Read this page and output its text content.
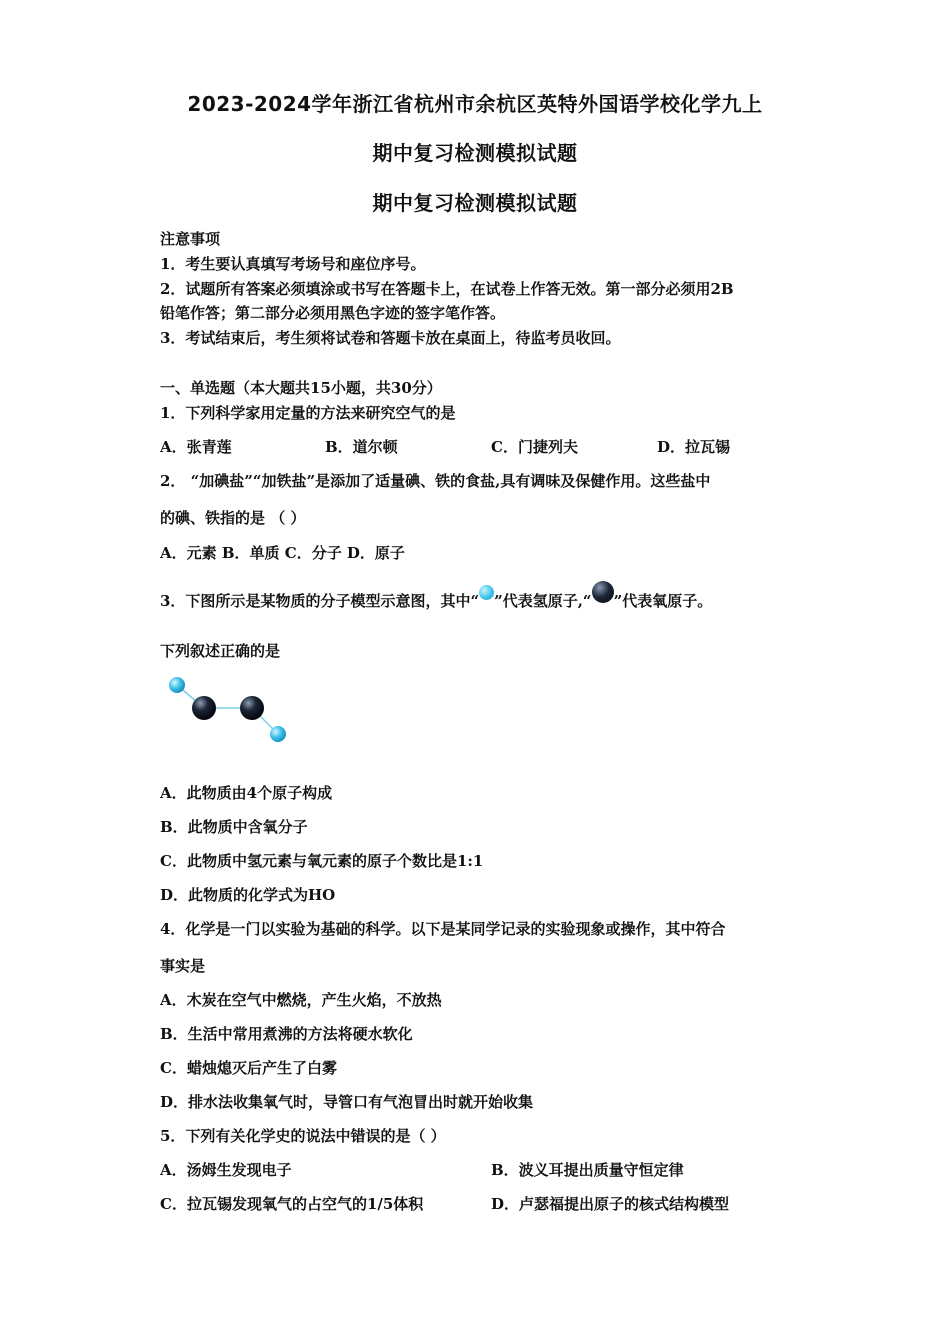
2023-2024学年浙江省杭州市余杭区英特外国语学校化学九上
期中复习检测模拟试题
期中复习检测模拟试题
注意事项
1．考生要认真填写考场号和座位序号。
2．试题所有答案必须填涂或书写在答题卡上，在试卷上作答无效。第一部分必须用2B
铅笔作答；第二部分必须用黑色字迹的签字笔作答。
3．考试结束后，考生须将试卷和答题卡放在桌面上，待监考员收回。
一、单选题（本大题共15小题，共30分）
1．下列科学家用定量的方法来研究空气的是
A．张青莲	B．道尔顿	C．门捷列夫	D．拉瓦锡
2． “加碘盐”“加铁盐”是添加了适量碘、铁的食盐,具有调味及保健作用。这些盐中
的碘、铁指的是 （ ）
A．元素 B．单质 C．分子 D．原子
3．下图所示是某物质的分子模型示意图，其中“ ”代表氢原子,“ ”代表氧原子。
下列叙述正确的是
A．此物质由4个原子构成
B．此物质中含氧分子
C．此物质中氢元素与氧元素的原子个数比是1:1
D．此物质的化学式为HO
4．化学是一门以实验为基础的科学。以下是某同学记录的实验现象或操作，其中符合
事实是
A．木炭在空气中燃烧，产生火焰，不放热
B．生活中常用煮沸的方法将硬水软化
C．蜡烛熄灭后产生了白雾
D．排水法收集氧气时，导管口有气泡冒出时就开始收集
5．下列有关化学史的说法中错误的是（ ）
A．汤姆生发现电子	B．波义耳提出质量守恒定律
C．拉瓦锡发现氧气的占空气的1/5体积	D．卢瑟福提出原子的核式结构模型
